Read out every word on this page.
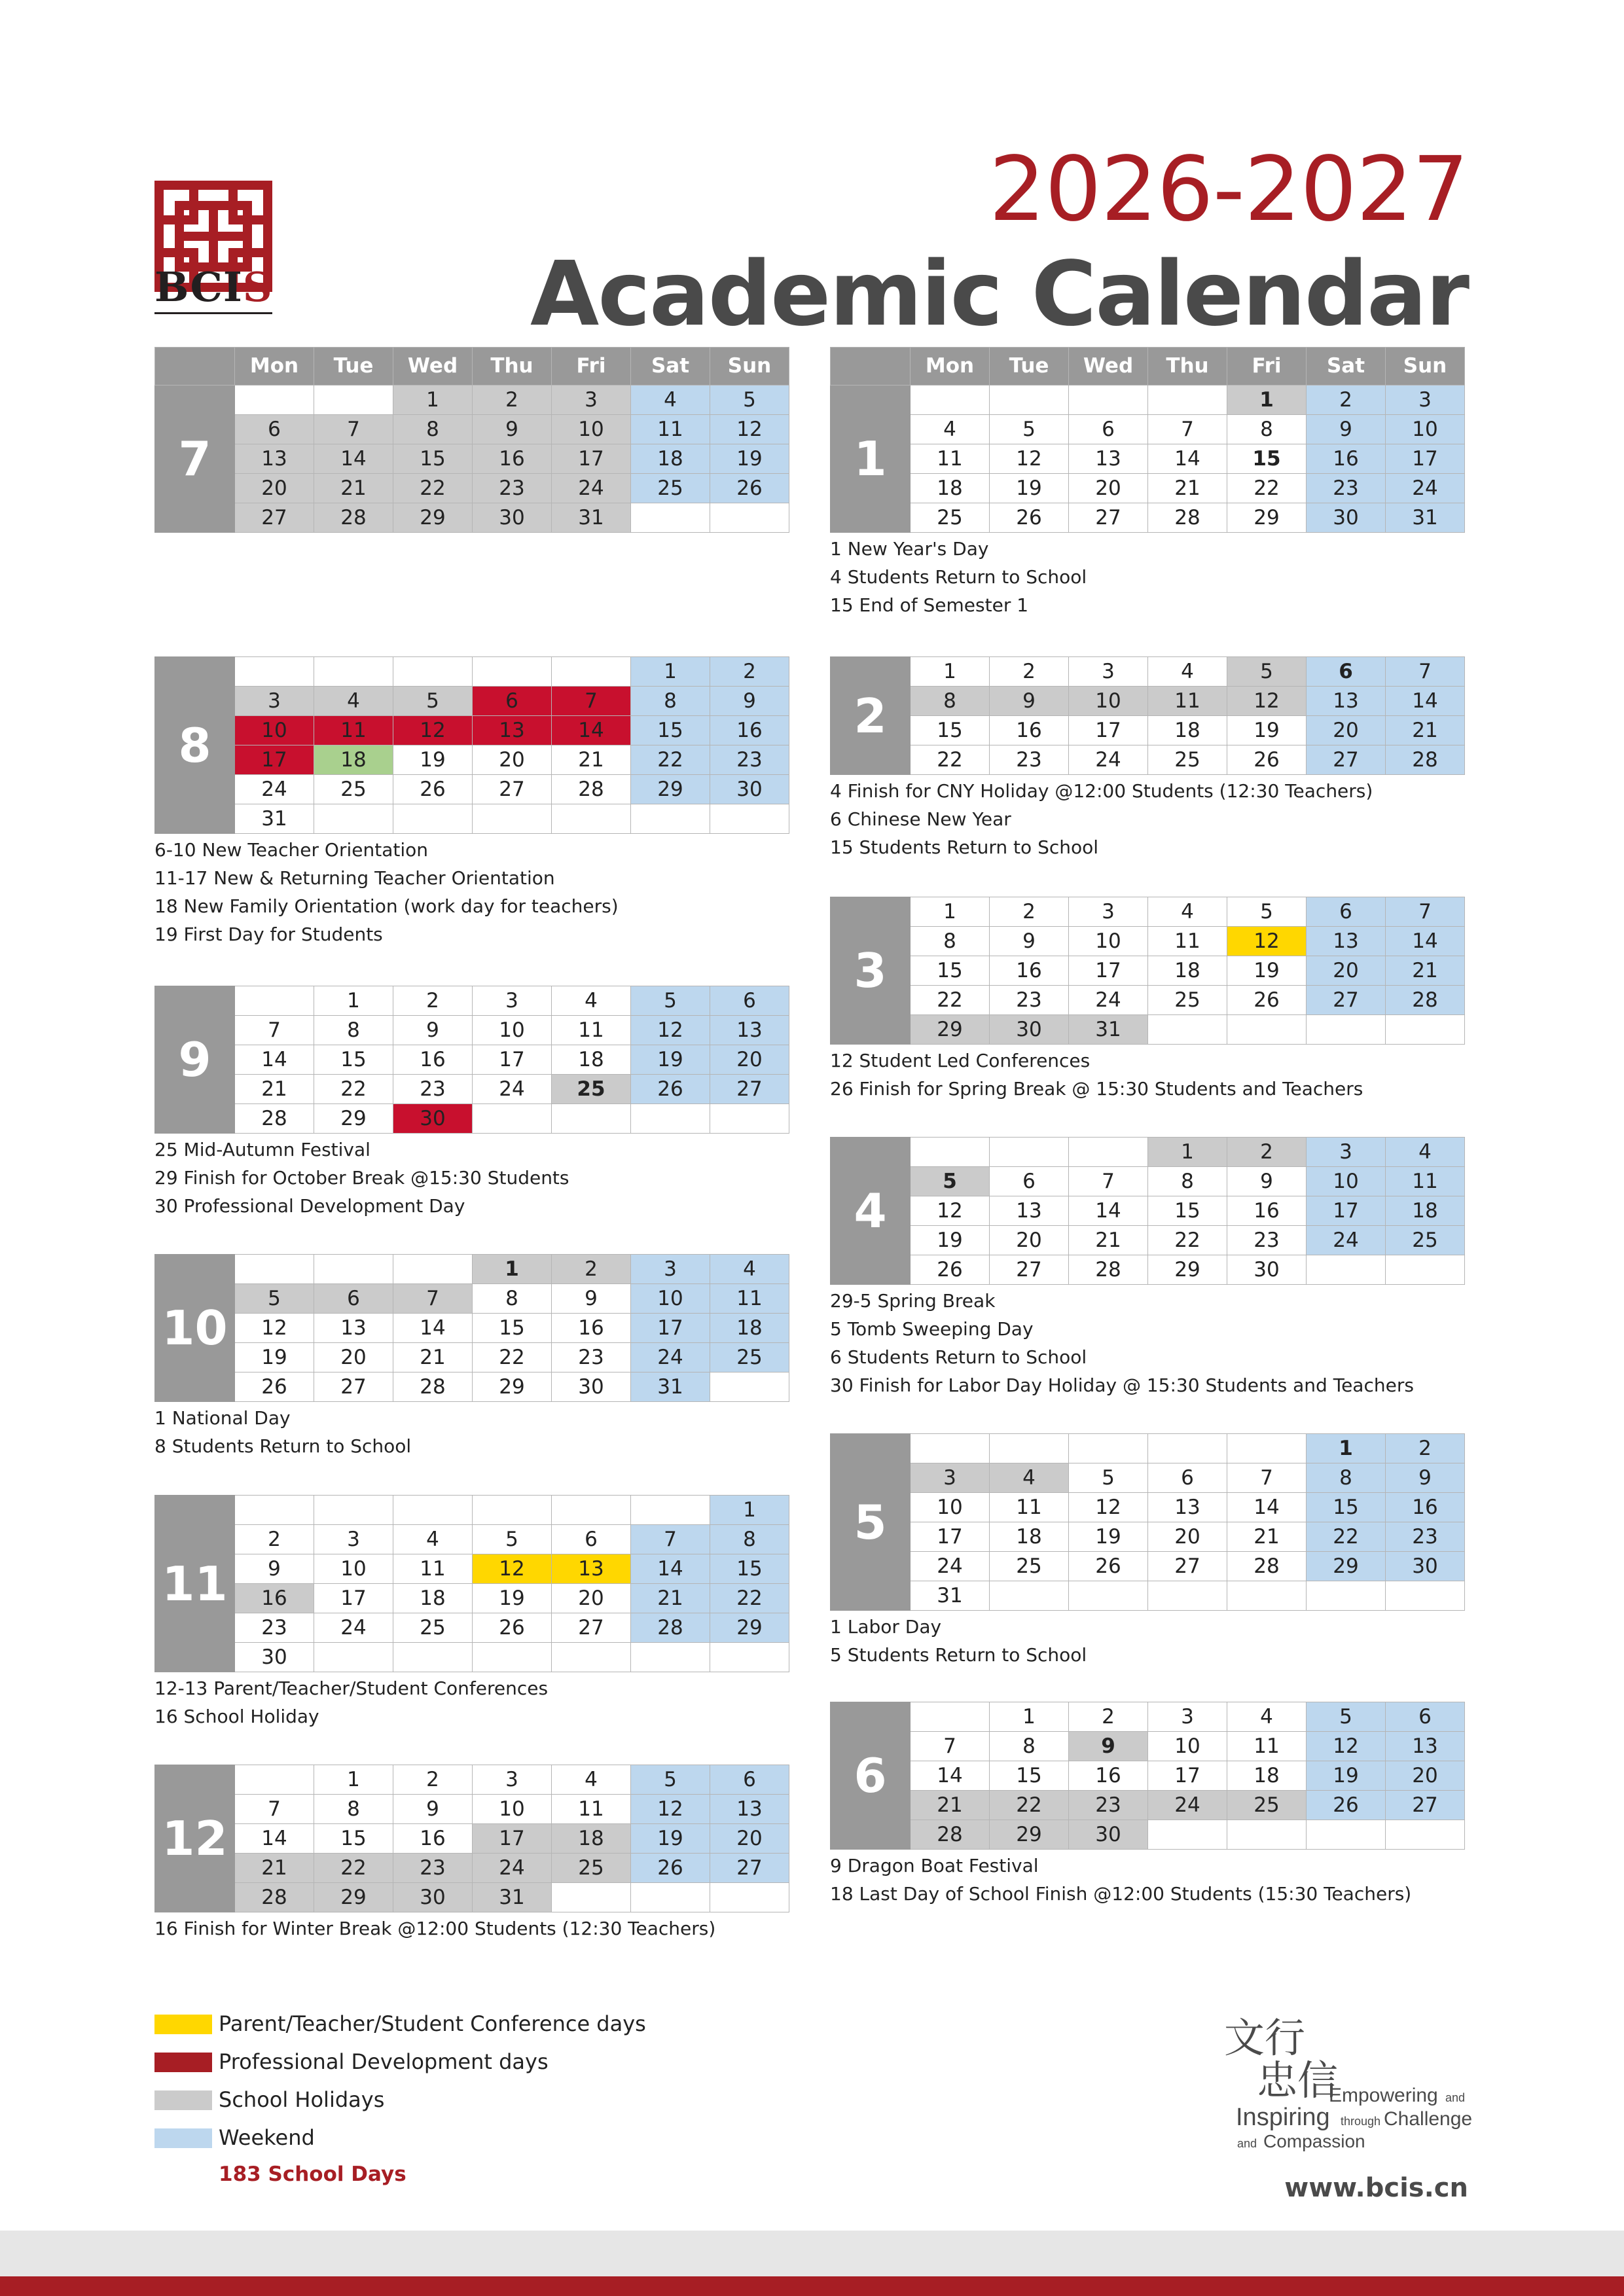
BCIS
2026-2027
Academic Calendar
	Mon	Tue	Wed	Thu	Fri	Sat	Sun
7			1	2	3	4	5
	6	7	8	9	10	11	12
	13	14	15	16	17	18	19
	20	21	22	23	24	25	26
	27	28	29	30	31		
8						1	2
	3	4	5	6	7	8	9
	10	11	12	13	14	15	16
	17	18	19	20	21	22	23
	24	25	26	27	28	29	30
	31						
6-10 New Teacher Orientation
11-17 New & Returning Teacher Orientation
18 New Family Orientation (work day for teachers)
19 First Day for Students
9		1	2	3	4	5	6
	7	8	9	10	11	12	13
	14	15	16	17	18	19	20
	21	22	23	24	25	26	27
	28	29	30				
25 Mid-Autumn Festival
29 Finish for October Break @15:30 Students
30 Professional Development Day
10				1	2	3	4
	5	6	7	8	9	10	11
	12	13	14	15	16	17	18
	19	20	21	22	23	24	25
	26	27	28	29	30	31	
1 National Day
8 Students Return to School
11							1
	2	3	4	5	6	7	8
	9	10	11	12	13	14	15
	16	17	18	19	20	21	22
	23	24	25	26	27	28	29
	30						
12-13 Parent/Teacher/Student Conferences
16 School Holiday
12		1	2	3	4	5	6
	7	8	9	10	11	12	13
	14	15	16	17	18	19	20
	21	22	23	24	25	26	27
	28	29	30	31			
16 Finish for Winter Break @12:00 Students (12:30 Teachers)
	Mon	Tue	Wed	Thu	Fri	Sat	Sun
1					1	2	3
	4	5	6	7	8	9	10
	11	12	13	14	15	16	17
	18	19	20	21	22	23	24
	25	26	27	28	29	30	31
1 New Year's Day
4 Students Return to School
15 End of Semester 1
2	1	2	3	4	5	6	7
	8	9	10	11	12	13	14
	15	16	17	18	19	20	21
	22	23	24	25	26	27	28
4 Finish for CNY Holiday @12:00 Students (12:30 Teachers)
6 Chinese New Year
15 Students Return to School
3	1	2	3	4	5	6	7
	8	9	10	11	12	13	14
	15	16	17	18	19	20	21
	22	23	24	25	26	27	28
	29	30	31				
12 Student Led Conferences
26 Finish for Spring Break @ 15:30 Students and Teachers
4				1	2	3	4
	5	6	7	8	9	10	11
	12	13	14	15	16	17	18
	19	20	21	22	23	24	25
	26	27	28	29	30		
29-5 Spring Break
5 Tomb Sweeping Day
6 Students Return to School
30 Finish for Labor Day Holiday @ 15:30 Students and Teachers
5						1	2
	3	4	5	6	7	8	9
	10	11	12	13	14	15	16
	17	18	19	20	21	22	23
	24	25	26	27	28	29	30
	31						
1 Labor Day
5 Students Return to School
6		1	2	3	4	5	6
	7	8	9	10	11	12	13
	14	15	16	17	18	19	20
	21	22	23	24	25	26	27
	28	29	30				
9 Dragon Boat Festival
18 Last Day of School Finish @12:00 Students (15:30 Teachers)
Parent/Teacher/Student Conference days
Professional Development days
School Holidays
Weekend
183 School Days
文行
忠信
Empowering and
Inspiring through Challenge
and Compassion
www.bcis.cn
